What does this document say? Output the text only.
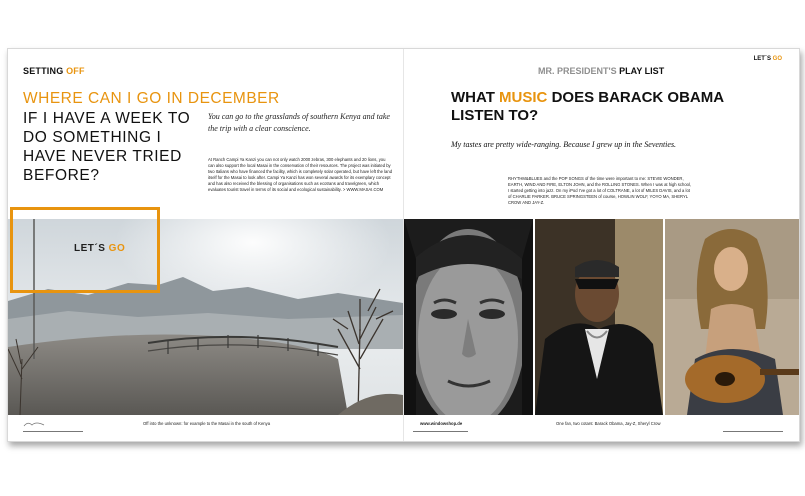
SETTING OFF	MR. PRESIDENT'S PLAY LIST
LET´S GO
WHERE CAN I GO IN DECEMBER
IF I HAVE A WEEK TO DO SOMETHING I HAVE NEVER TRIED BEFORE?
You can go to the grasslands of southern Kenya and take the trip with a clear conscience.
At Ranch Campi Ya Kanzi you can not only watch 2000 zebras, 300 elephants and 20 lions, you can also support the local Masai in the conservation of their resources. The project was initiated by two Italians who have financed the facility, which is completely solar operated, but have left the land itself for the Masai to look after. Campi Ya Kanzi has won several awards for its exemplary concept and has also received the blessing of organisations such as ecotrans and travelgreen, which evaluates tourist travel in terms of its social and ecological sustainability. > WWW.MASAI.COM
WHAT MUSIC DOES BARACK OBAMA LISTEN TO?
My tastes are pretty wide-ranging. Because I grew up in the Seventies.
RHYTHM&BLUES and the POP SONGS of the time were important to me: STEVIE WONDER, EARTH, WIND AND FIRE, ELTON JOHN, and the ROLLING STONES. When I was at high school, I started getting into jazz. On my iPod I've got a lot of COLTRANE, a lot of MILES DAVIS, and a lot of CHARLIE PARKER. BRUCE SPRINGSTEEN of course, HOWLIN WOLF, YOYO MA, SHERYL CROW AND JAY-Z.
LET´S GO
Off into the unknown: for example to the Masai in the south of Kenya	www.windowshop.de	One fan, two cotars: Barack Obama, Jay-Z, Sheryl Crow
